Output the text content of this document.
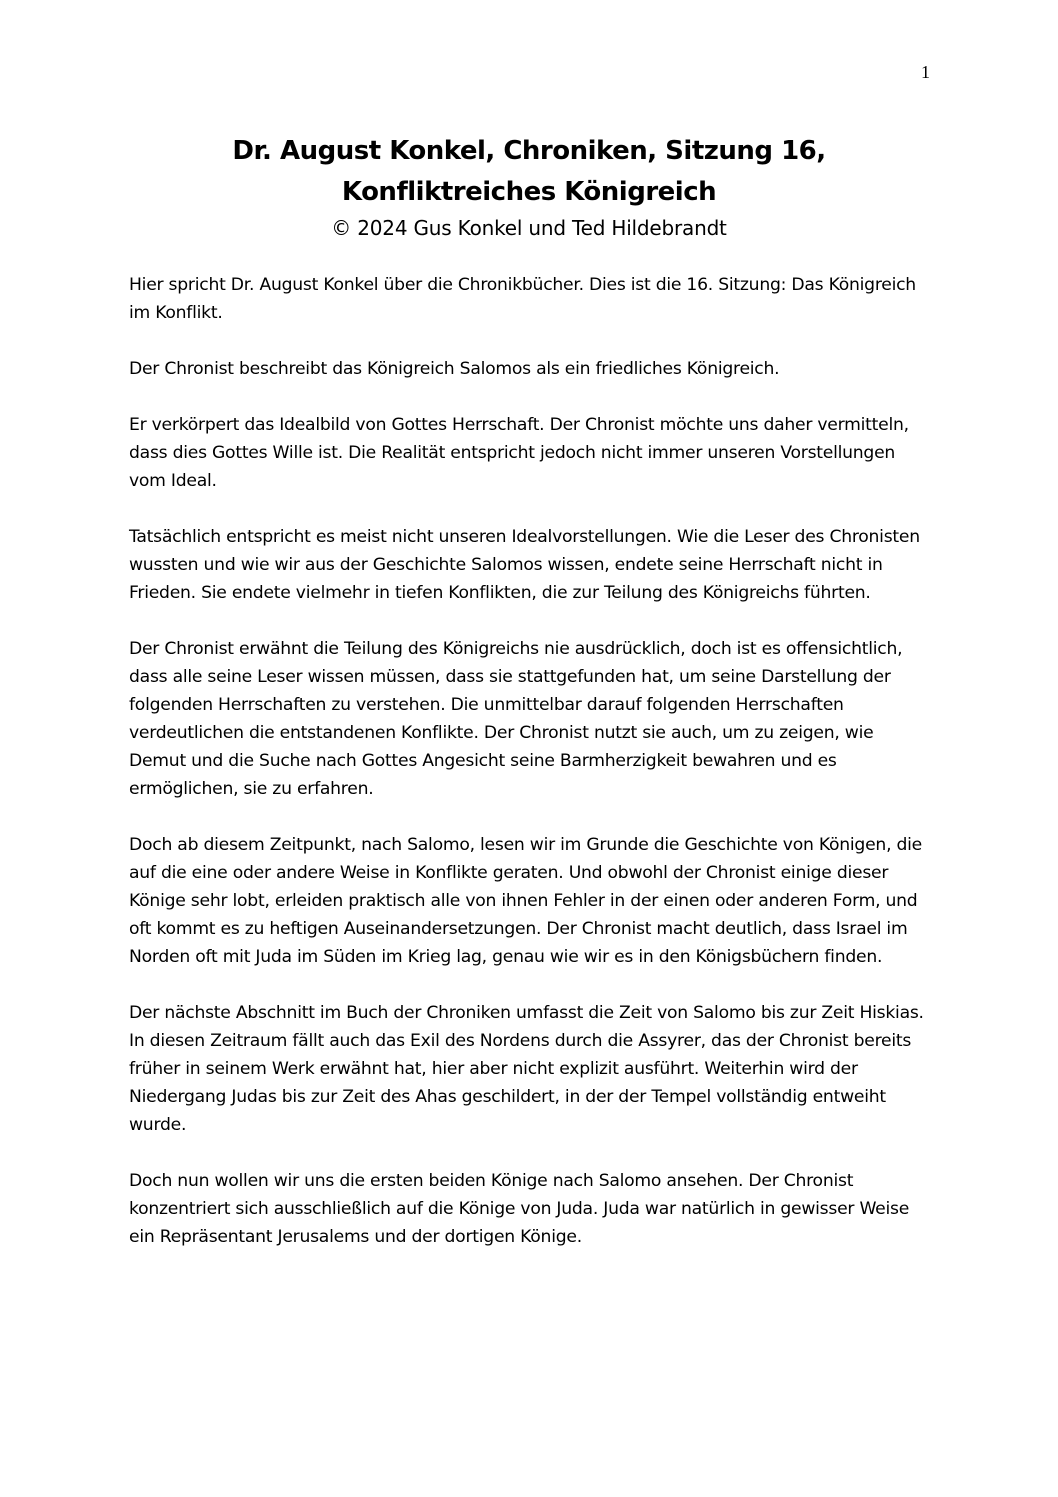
1
Dr. August Konkel, Chroniken, Sitzung 16,
Konfliktreiches Königreich

© 2024 Gus Konkel und Ted Hildebrandt

Hier spricht Dr. August Konkel über die Chronikbücher. Dies ist die 16. Sitzung: Das Königreich im Konflikt.

Der Chronist beschreibt das Königreich Salomos als ein friedliches Königreich.

Er verkörpert das Idealbild von Gottes Herrschaft. Der Chronist möchte uns daher vermitteln, dass dies Gottes Wille ist. Die Realität entspricht jedoch nicht immer unseren Vorstellungen vom Ideal.

Tatsächlich entspricht es meist nicht unseren Idealvorstellungen. Wie die Leser des Chronisten wussten und wie wir aus der Geschichte Salomos wissen, endete seine Herrschaft nicht in Frieden. Sie endete vielmehr in tiefen Konflikten, die zur Teilung des Königreichs führten.

Der Chronist erwähnt die Teilung des Königreichs nie ausdrücklich, doch ist es offensichtlich, dass alle seine Leser wissen müssen, dass sie stattgefunden hat, um seine Darstellung der folgenden Herrschaften zu verstehen. Die unmittelbar darauf folgenden Herrschaften verdeutlichen die entstandenen Konflikte. Der Chronist nutzt sie auch, um zu zeigen, wie Demut und die Suche nach Gottes Angesicht seine Barmherzigkeit bewahren und es ermöglichen, sie zu erfahren.

Doch ab diesem Zeitpunkt, nach Salomo, lesen wir im Grunde die Geschichte von Königen, die auf die eine oder andere Weise in Konflikte geraten. Und obwohl der Chronist einige dieser Könige sehr lobt, erleiden praktisch alle von ihnen Fehler in der einen oder anderen Form, und oft kommt es zu heftigen Auseinandersetzungen. Der Chronist macht deutlich, dass Israel im Norden oft mit Juda im Süden im Krieg lag, genau wie wir es in den Königsbüchern finden.

Der nächste Abschnitt im Buch der Chroniken umfasst die Zeit von Salomo bis zur Zeit Hiskias. In diesen Zeitraum fällt auch das Exil des Nordens durch die Assyrer, das der Chronist bereits früher in seinem Werk erwähnt hat, hier aber nicht explizit ausführt. Weiterhin wird der Niedergang Judas bis zur Zeit des Ahas geschildert, in der der Tempel vollständig entweiht wurde.

Doch nun wollen wir uns die ersten beiden Könige nach Salomo ansehen. Der Chronist konzentriert sich ausschließlich auf die Könige von Juda. Juda war natürlich in gewisser Weise ein Repräsentant Jerusalems und der dortigen Könige.
